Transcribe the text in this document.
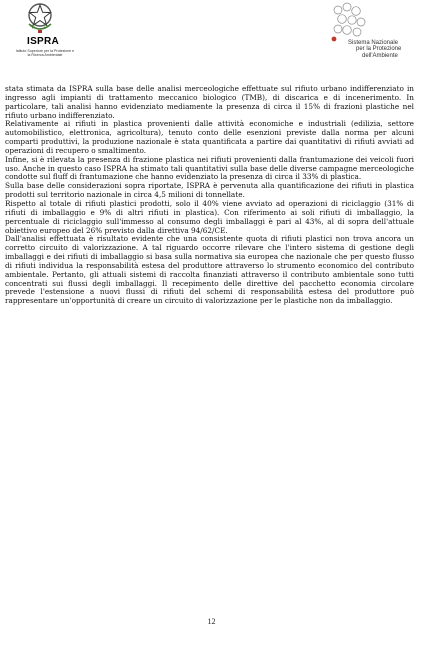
ISPRA
Istituto Superiore per la Protezione e la Ricerca Ambientale
Sistema Nazionale
per la Protezione
dell'Ambiente

stata stimata da ISPRA sulla base delle analisi merceologiche effettuate sul rifiuto urbano indifferenziato in ingresso agli impianti di trattamento meccanico biologico (TMB), di discarica e di incenerimento. In particolare, tali analisi hanno evidenziato mediamente la presenza di circa il 15% di frazioni plastiche nel rifiuto urbano indifferenziato.

Relativamente ai rifiuti in plastica provenienti dalle attività economiche e industriali (edilizia, settore automobilistico, elettronica, agricoltura), tenuto conto delle esenzioni previste dalla norma per alcuni comparti produttivi, la produzione nazionale è stata quantificata a partire dai quantitativi di rifiuti avviati ad operazioni di recupero o smaltimento.

Infine, si è rilevata la presenza di frazione plastica nei rifiuti provenienti dalla frantumazione dei veicoli fuori uso. Anche in questo caso ISPRA ha stimato tali quantitativi sulla base delle diverse campagne merceologiche condotte sul fluff di frantumazione che hanno evidenziato la presenza di circa il 33% di plastica.

Sulla base delle considerazioni sopra riportate, ISPRA è pervenuta alla quantificazione dei rifiuti in plastica prodotti sul territorio nazionale in circa 4,5 milioni di tonnellate.

Rispetto al totale di rifiuti plastici prodotti, solo il 40% viene avviato ad operazioni di riciclaggio (31% di rifiuti di imballaggio e 9% di altri rifiuti in plastica). Con riferimento ai soli rifiuti di imballaggio, la percentuale di riciclaggio sull'immesso al consumo degli imballaggi è pari al 43%, al di sopra dell'attuale obiettivo europeo del 26% previsto dalla direttiva 94/62/CE.

Dall'analisi effettuata è risultato evidente che una consistente quota di rifiuti plastici non trova ancora un corretto circuito di valorizzazione. A tal riguardo occorre rilevare che l'intero sistema di gestione degli imballaggi e dei rifiuti di imballaggio si basa sulla normativa sia europea che nazionale che per questo flusso di rifiuti individua la responsabilità estesa del produttore attraverso lo strumento economico del contributo ambientale. Pertanto, gli attuali sistemi di raccolta finanziati attraverso il contributo ambientale sono tutti concentrati sui flussi degli imballaggi. Il recepimento delle direttive del pacchetto economia circolare prevede l'estensione a nuovi flussi di rifiuti del schemi di responsabilità estesa del produttore può rappresentare un'opportunità di creare un circuito di valorizzazione per le plastiche non da imballaggio.

12
